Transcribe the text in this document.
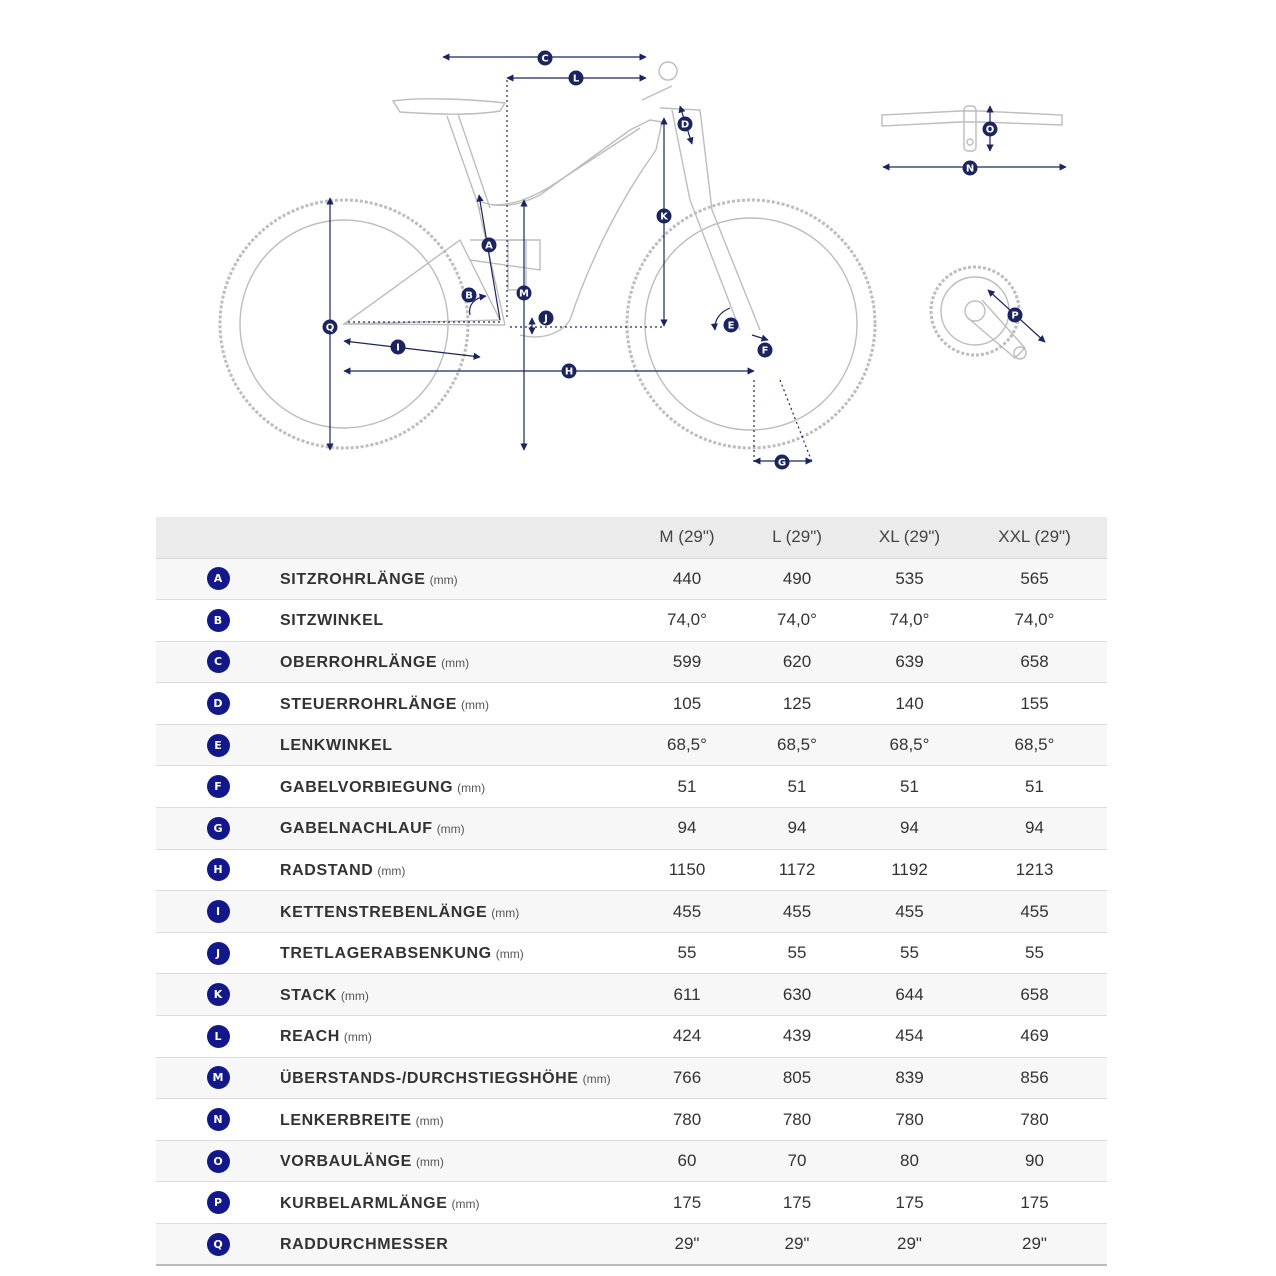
A
B
C
D
E
F
G
H
I
J
K
L
M
N
O
P
Q
		M (29")	L (29")	XL (29")	XXL (29")
A	SITZROHRLÄNGE (mm)	440	490	535	565
B	SITZWINKEL	74,0°	74,0°	74,0°	74,0°
C	OBERROHRLÄNGE (mm)	599	620	639	658
D	STEUERROHRLÄNGE (mm)	105	125	140	155
E	LENKWINKEL	68,5°	68,5°	68,5°	68,5°
F	GABELVORBIEGUNG (mm)	51	51	51	51
G	GABELNACHLAUF (mm)	94	94	94	94
H	RADSTAND (mm)	1150	1172	1192	1213
I	KETTENSTREBENLÄNGE (mm)	455	455	455	455
J	TRETLAGERABSENKUNG (mm)	55	55	55	55
K	STACK (mm)	611	630	644	658
L	REACH (mm)	424	439	454	469
M	ÜBERSTANDS-/DURCHSTIEGSHÖHE (mm)	766	805	839	856
N	LENKERBREITE (mm)	780	780	780	780
O	VORBAULÄNGE (mm)	60	70	80	90
P	KURBELARMLÄNGE (mm)	175	175	175	175
Q	RADDURCHMESSER	29"	29"	29"	29"
